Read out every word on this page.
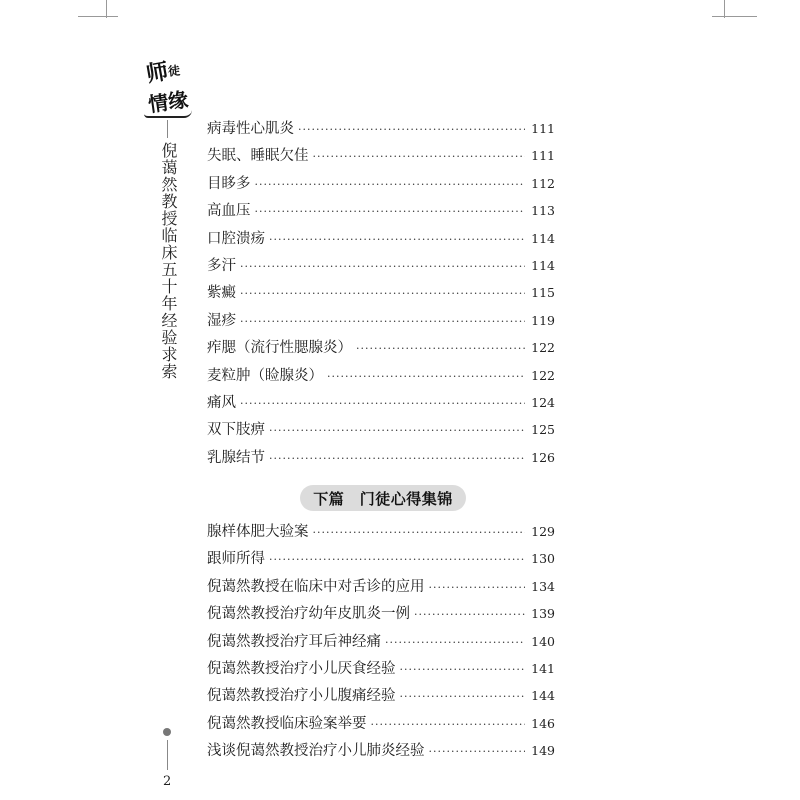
师
徒
情缘
倪蔼然教授临床五十年经验求索
2
病毒性心肌炎 ·····	111
失眠、睡眠欠佳 ·····	111
目眵多 ·····	112
高血压 ·····	113
口腔溃疡 ·····	114
多汗 ·····	114
紫癜 ·····	115
湿疹 ·····	119
痄腮（流行性腮腺炎） ·····	122
麦粒肿（睑腺炎） ·····	122
痛风 ·····	124
双下肢痹 ·····	125
乳腺结节 ·····	126
下篇　门徒心得集锦
腺样体肥大验案 ·····	129
跟师所得 ·····	130
倪蔼然教授在临床中对舌诊的应用 ·····	134
倪蔼然教授治疗幼年皮肌炎一例 ·····	139
倪蔼然教授治疗耳后神经痛 ·····	140
倪蔼然教授治疗小儿厌食经验 ·····	141
倪蔼然教授治疗小儿腹痛经验 ·····	144
倪蔼然教授临床验案举要 ·····	146
浅谈倪蔼然教授治疗小儿肺炎经验 ·····	149
